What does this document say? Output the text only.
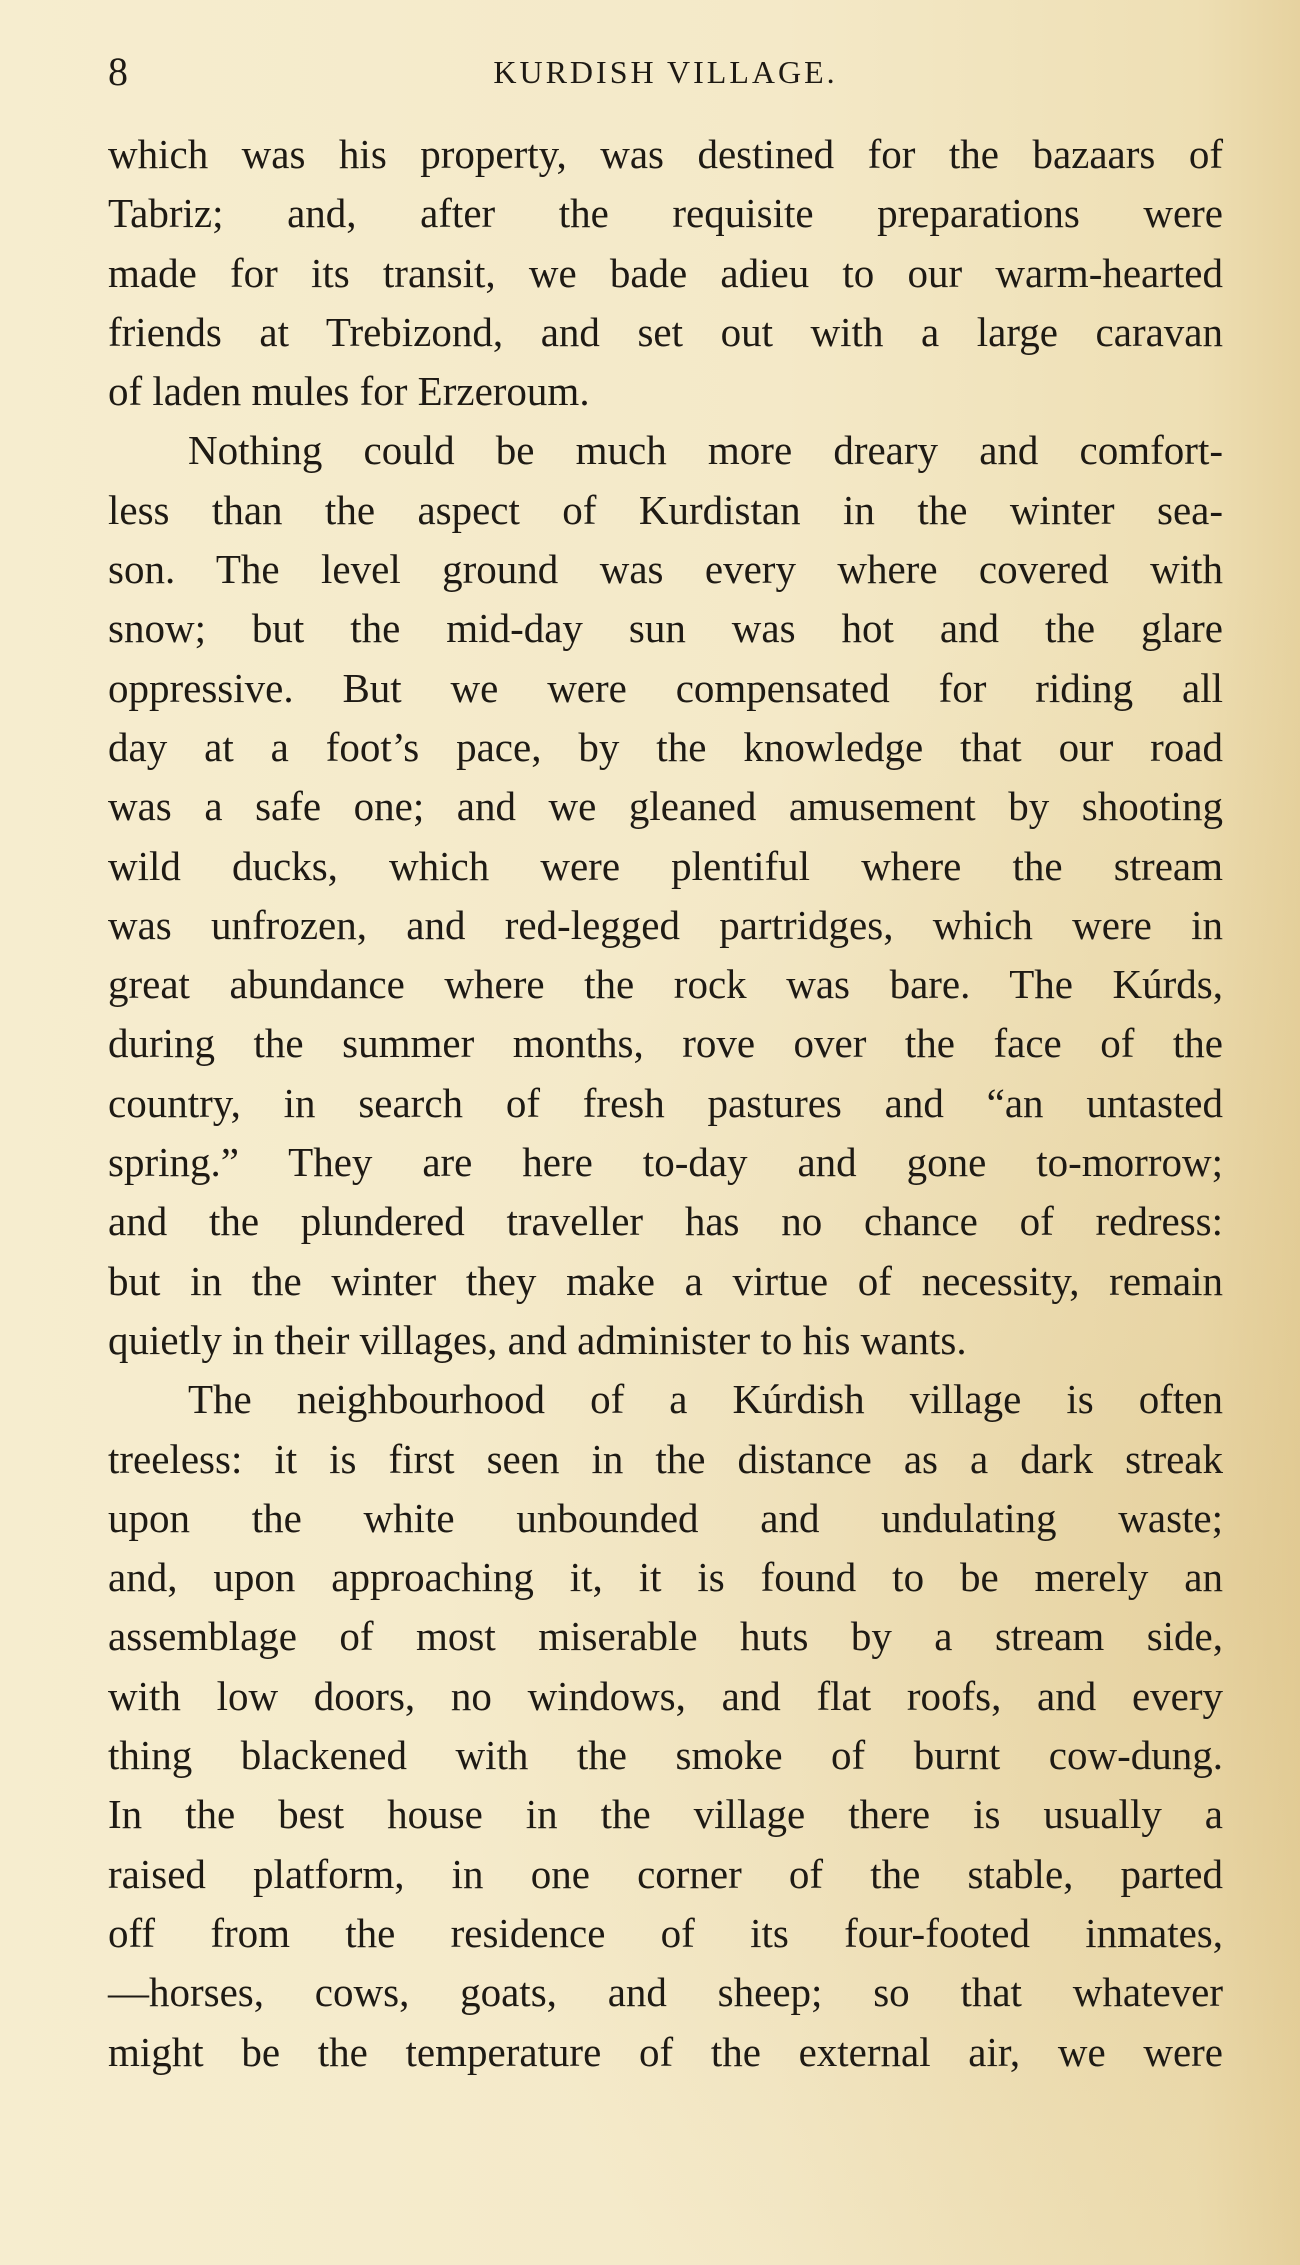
8	KURDISH VILLAGE.
which was his property, was destined for the bazaars of
Tabriz; and, after the requisite preparations were
made for its transit, we bade adieu to our warm-hearted
friends at Trebizond, and set out with a large caravan
of laden mules for Erzeroum.
Nothing could be much more dreary and comfort-
less than the aspect of Kurdistan in the winter sea-
son. The level ground was every where covered with
snow; but the mid-day sun was hot and the glare
oppressive. But we were compensated for riding all
day at a foot’s pace, by the knowledge that our road
was a safe one; and we gleaned amusement by shooting
wild ducks, which were plentiful where the stream
was unfrozen, and red-legged partridges, which were in
great abundance where the rock was bare. The Kúrds,
during the summer months, rove over the face of the
country, in search of fresh pastures and “an untasted
spring.” They are here to-day and gone to-morrow;
and the plundered traveller has no chance of redress:
but in the winter they make a virtue of necessity, remain
quietly in their villages, and administer to his wants.
The neighbourhood of a Kúrdish village is often
treeless: it is first seen in the distance as a dark streak
upon the white unbounded and undulating waste;
and, upon approaching it, it is found to be merely an
assemblage of most miserable huts by a stream side,
with low doors, no windows, and flat roofs, and every
thing blackened with the smoke of burnt cow-dung.
In the best house in the village there is usually a
raised platform, in one corner of the stable, parted
off from the residence of its four-footed inmates,
—horses, cows, goats, and sheep; so that whatever
might be the temperature of the external air, we were
